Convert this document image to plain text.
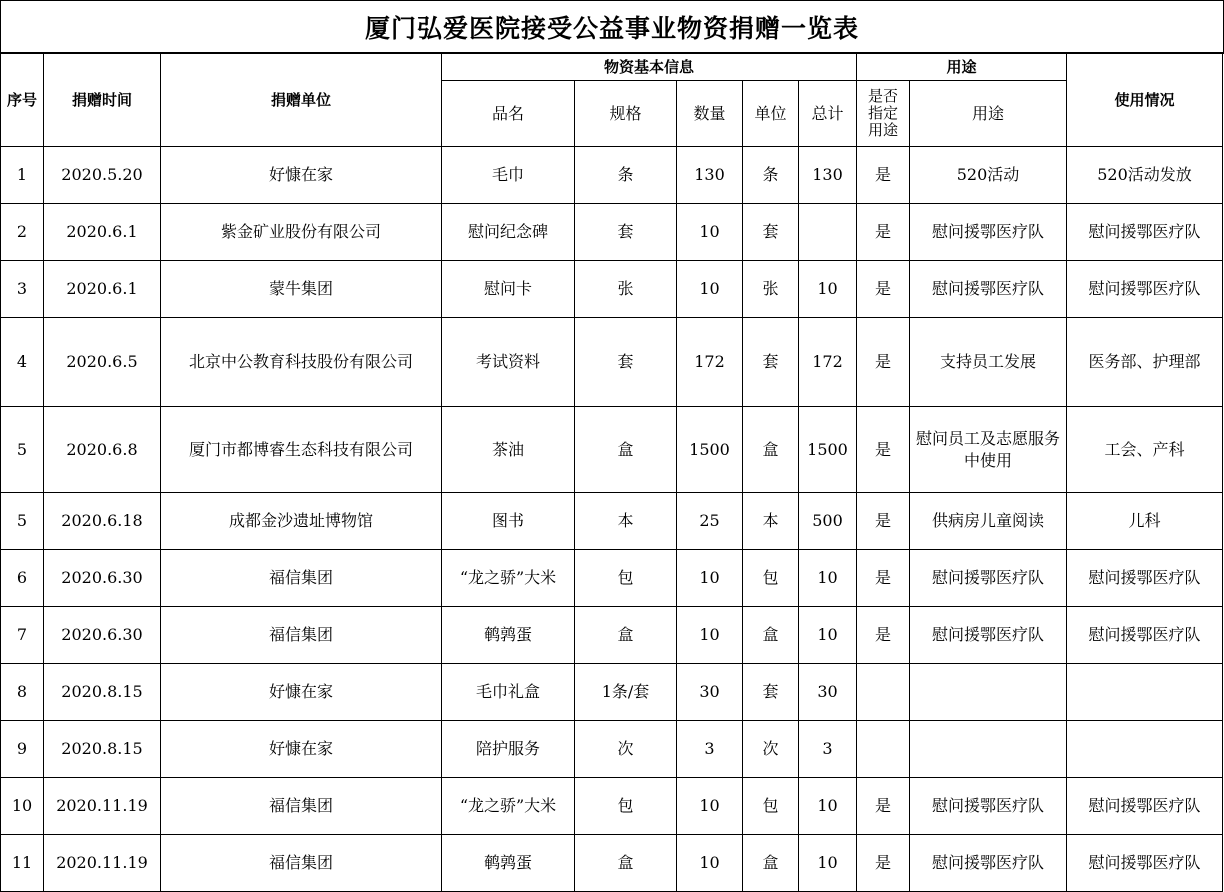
厦门弘爱医院接受公益事业物资捐赠一览表
序号	捐赠时间	捐赠单位	物资基本信息					用途		使用情况
			品名	规格	数量	单位	总计	是否
指定
用途	用途	
1	2020.5.20	好慷在家	毛巾	条	130	条	130	是	520活动	520活动发放
2	2020.6.1	紫金矿业股份有限公司	慰问纪念碑	套	10	套		是	慰问援鄂医疗队	慰问援鄂医疗队
3	2020.6.1	蒙牛集团	慰问卡	张	10	张	10	是	慰问援鄂医疗队	慰问援鄂医疗队
4	2020.6.5	北京中公教育科技股份有限公司	考试资料	套	172	套	172	是	支持员工发展	医务部、护理部
5	2020.6.8	厦门市都博睿生态科技有限公司	茶油	盒	1500	盒	1500	是	慰问员工及志愿服务中使用	工会、产科
5	2020.6.18	成都金沙遗址博物馆	图书	本	25	本	500	是	供病房儿童阅读	儿科
6	2020.6.30	福信集团	“龙之骄”大米	包	10	包	10	是	慰问援鄂医疗队	慰问援鄂医疗队
7	2020.6.30	福信集团	鹌鹑蛋	盒	10	盒	10	是	慰问援鄂医疗队	慰问援鄂医疗队
8	2020.8.15	好慷在家	毛巾礼盒	1条/套	30	套	30			
9	2020.8.15	好慷在家	陪护服务	次	3	次	3			
10	2020.11.19	福信集团	“龙之骄”大米	包	10	包	10	是	慰问援鄂医疗队	慰问援鄂医疗队
11	2020.11.19	福信集团	鹌鹑蛋	盒	10	盒	10	是	慰问援鄂医疗队	慰问援鄂医疗队
